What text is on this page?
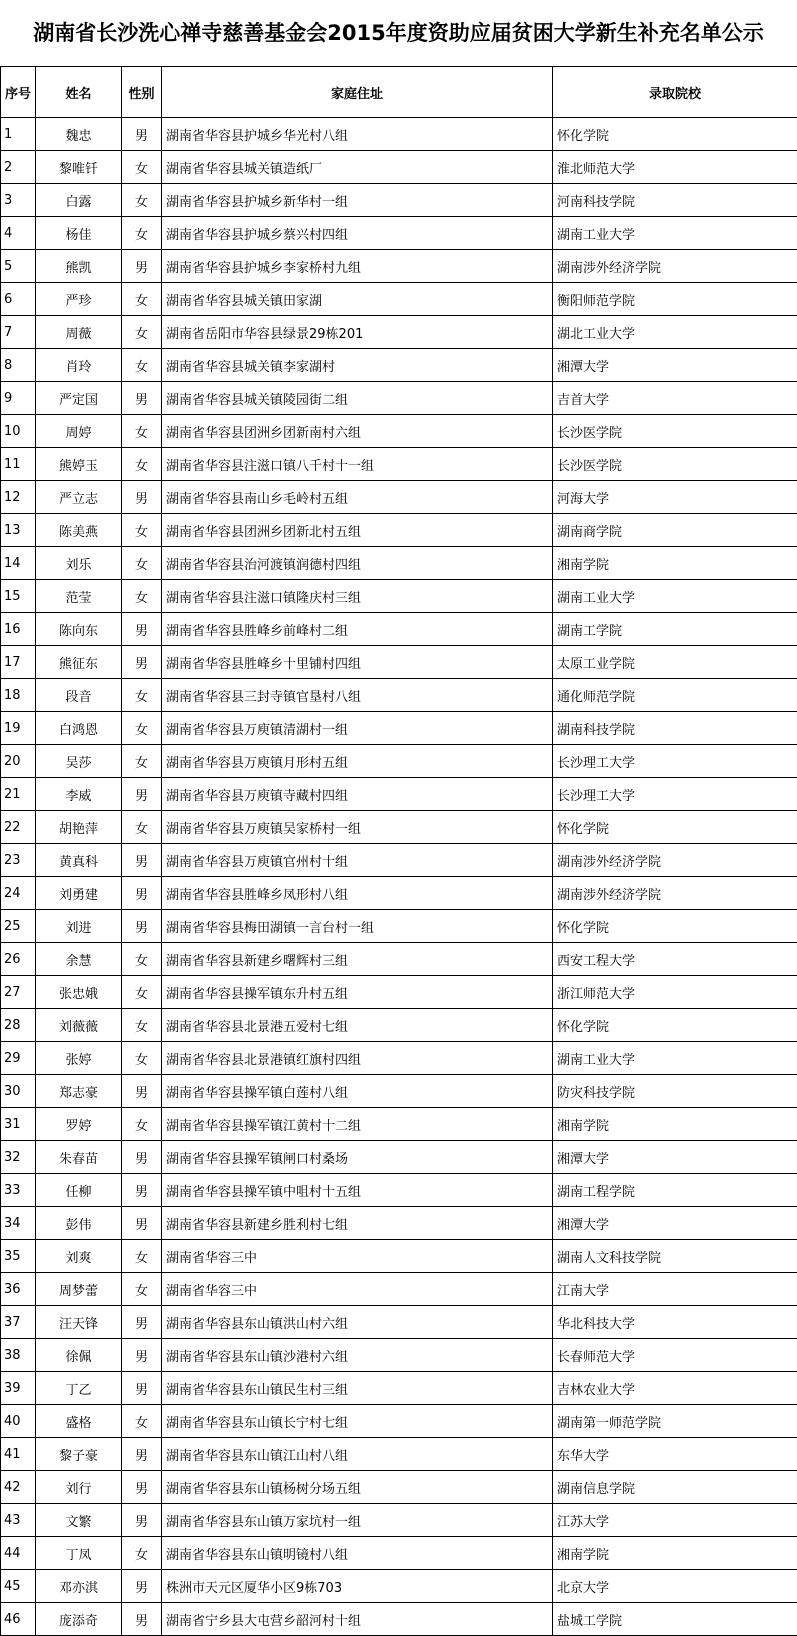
湖南省长沙洗心禅寺慈善基金会2015年度资助应届贫困大学新生补充名单公示
序号	姓名	性别	家庭住址	录取院校
1	魏忠	男	湖南省华容县护城乡华光村八组	怀化学院
2	黎唯钎	女	湖南省华容县城关镇造纸厂	淮北师范大学
3	白露	女	湖南省华容县护城乡新华村一组	河南科技学院
4	杨佳	女	湖南省华容县护城乡蔡兴村四组	湖南工业大学
5	熊凯	男	湖南省华容县护城乡李家桥村九组	湖南涉外经济学院
6	严珍	女	湖南省华容县城关镇田家湖	衡阳师范学院
7	周薇	女	湖南省岳阳市华容县绿景29栋201	湖北工业大学
8	肖玲	女	湖南省华容县城关镇李家湖村	湘潭大学
9	严定国	男	湖南省华容县城关镇陵园街二组	吉首大学
10	周婷	女	湖南省华容县团洲乡团新南村六组	长沙医学院
11	熊婷玉	女	湖南省华容县注滋口镇八千村十一组	长沙医学院
12	严立志	男	湖南省华容县南山乡毛岭村五组	河海大学
13	陈美燕	女	湖南省华容县团洲乡团新北村五组	湖南商学院
14	刘乐	女	湖南省华容县治河渡镇润德村四组	湘南学院
15	范莹	女	湖南省华容县注滋口镇隆庆村三组	湖南工业大学
16	陈向东	男	湖南省华容县胜峰乡前峰村二组	湖南工学院
17	熊征东	男	湖南省华容县胜峰乡十里铺村四组	太原工业学院
18	段音	女	湖南省华容县三封寺镇官垦村八组	通化师范学院
19	白鸿恩	女	湖南省华容县万庾镇清湖村一组	湖南科技学院
20	吴莎	女	湖南省华容县万庾镇月形村五组	长沙理工大学
21	李威	男	湖南省华容县万庾镇寺藏村四组	长沙理工大学
22	胡艳萍	女	湖南省华容县万庾镇吴家桥村一组	怀化学院
23	黄真科	男	湖南省华容县万庾镇官州村十组	湖南涉外经济学院
24	刘勇建	男	湖南省华容县胜峰乡凤形村八组	湖南涉外经济学院
25	刘进	男	湖南省华容县梅田湖镇一言台村一组	怀化学院
26	余慧	女	湖南省华容县新建乡曙辉村三组	西安工程大学
27	张忠娥	女	湖南省华容县操军镇东升村五组	浙江师范大学
28	刘薇薇	女	湖南省华容县北景港五爱村七组	怀化学院
29	张婷	女	湖南省华容县北景港镇红旗村四组	湖南工业大学
30	郑志豪	男	湖南省华容县操军镇白莲村八组	防灾科技学院
31	罗婷	女	湖南省华容县操军镇江黄村十二组	湘南学院
32	朱春苗	男	湖南省华容县操军镇闸口村桑场	湘潭大学
33	任柳	男	湖南省华容县操军镇中咀村十五组	湖南工程学院
34	彭伟	男	湖南省华容县新建乡胜利村七组	湘潭大学
35	刘爽	女	湖南省华容三中	湖南人文科技学院
36	周梦蕾	女	湖南省华容三中	江南大学
37	汪天锋	男	湖南省华容县东山镇洪山村六组	华北科技大学
38	徐佩	男	湖南省华容县东山镇沙港村六组	长春师范大学
39	丁乙	男	湖南省华容县东山镇民生村三组	吉林农业大学
40	盛格	女	湖南省华容县东山镇长宁村七组	湖南第一师范学院
41	黎子豪	男	湖南省华容县东山镇江山村八组	东华大学
42	刘行	男	湖南省华容县东山镇杨树分场五组	湖南信息学院
43	文繁	男	湖南省华容县东山镇万家坑村一组	江苏大学
44	丁凤	女	湖南省华容县东山镇明镜村八组	湘南学院
45	邓亦淇	男	株洲市天元区厦华小区9栋703	北京大学
46	庞添奇	男	湖南省宁乡县大屯营乡韶河村十组	盐城工学院
